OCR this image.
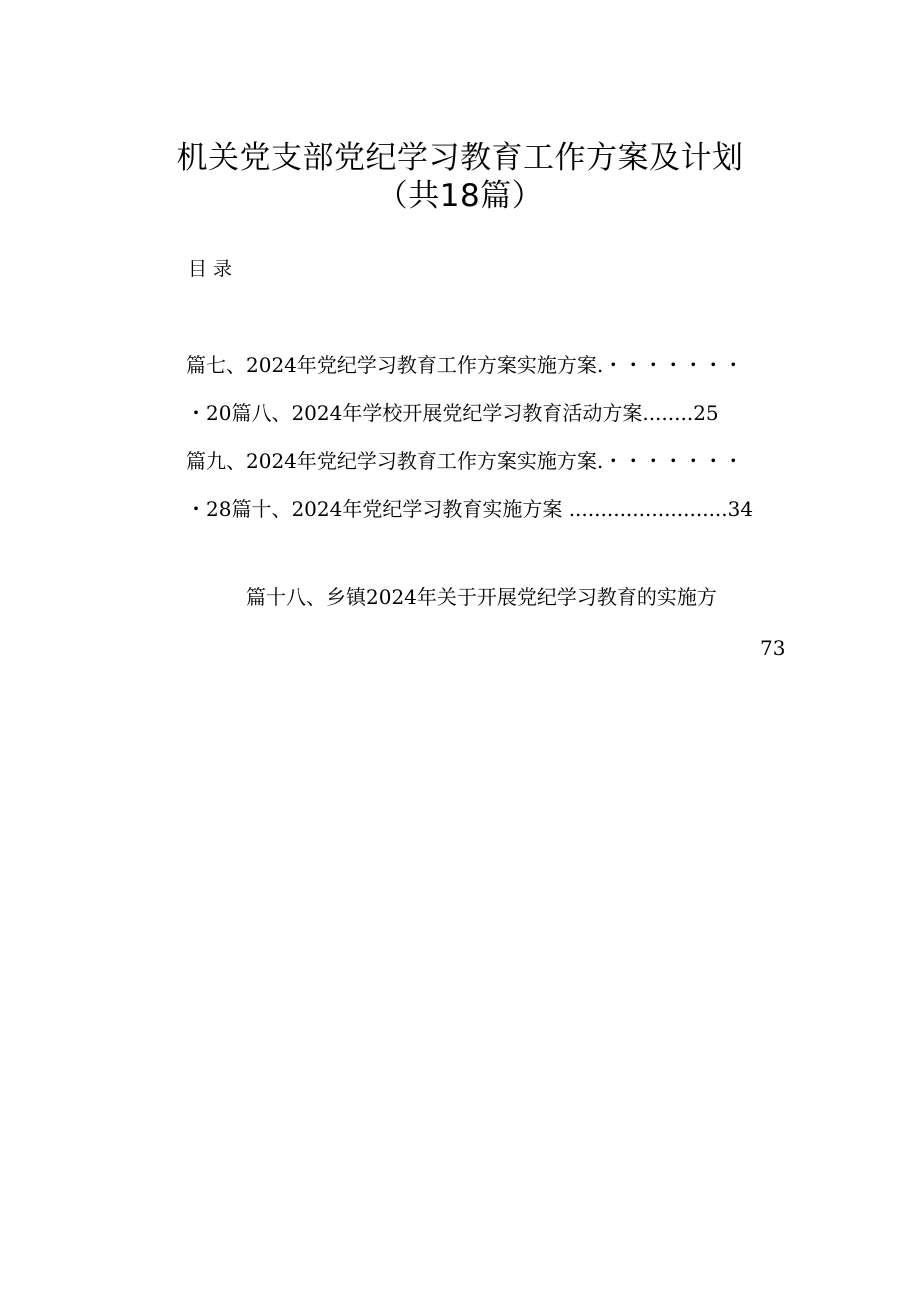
机关党支部党纪学习教育工作方案及计划
（共18篇）
目录
篇七、2024年党纪学习教育工作方案实施方案.・・・・・・・
・20篇八、2024年学校开展党纪学习教育活动方案........25
篇九、2024年党纪学习教育工作方案实施方案.・・・・・・・
・28篇十、2024年党纪学习教育实施方案 .........................34
篇十八、乡镇2024年关于开展党纪学习教育的实施方
73
